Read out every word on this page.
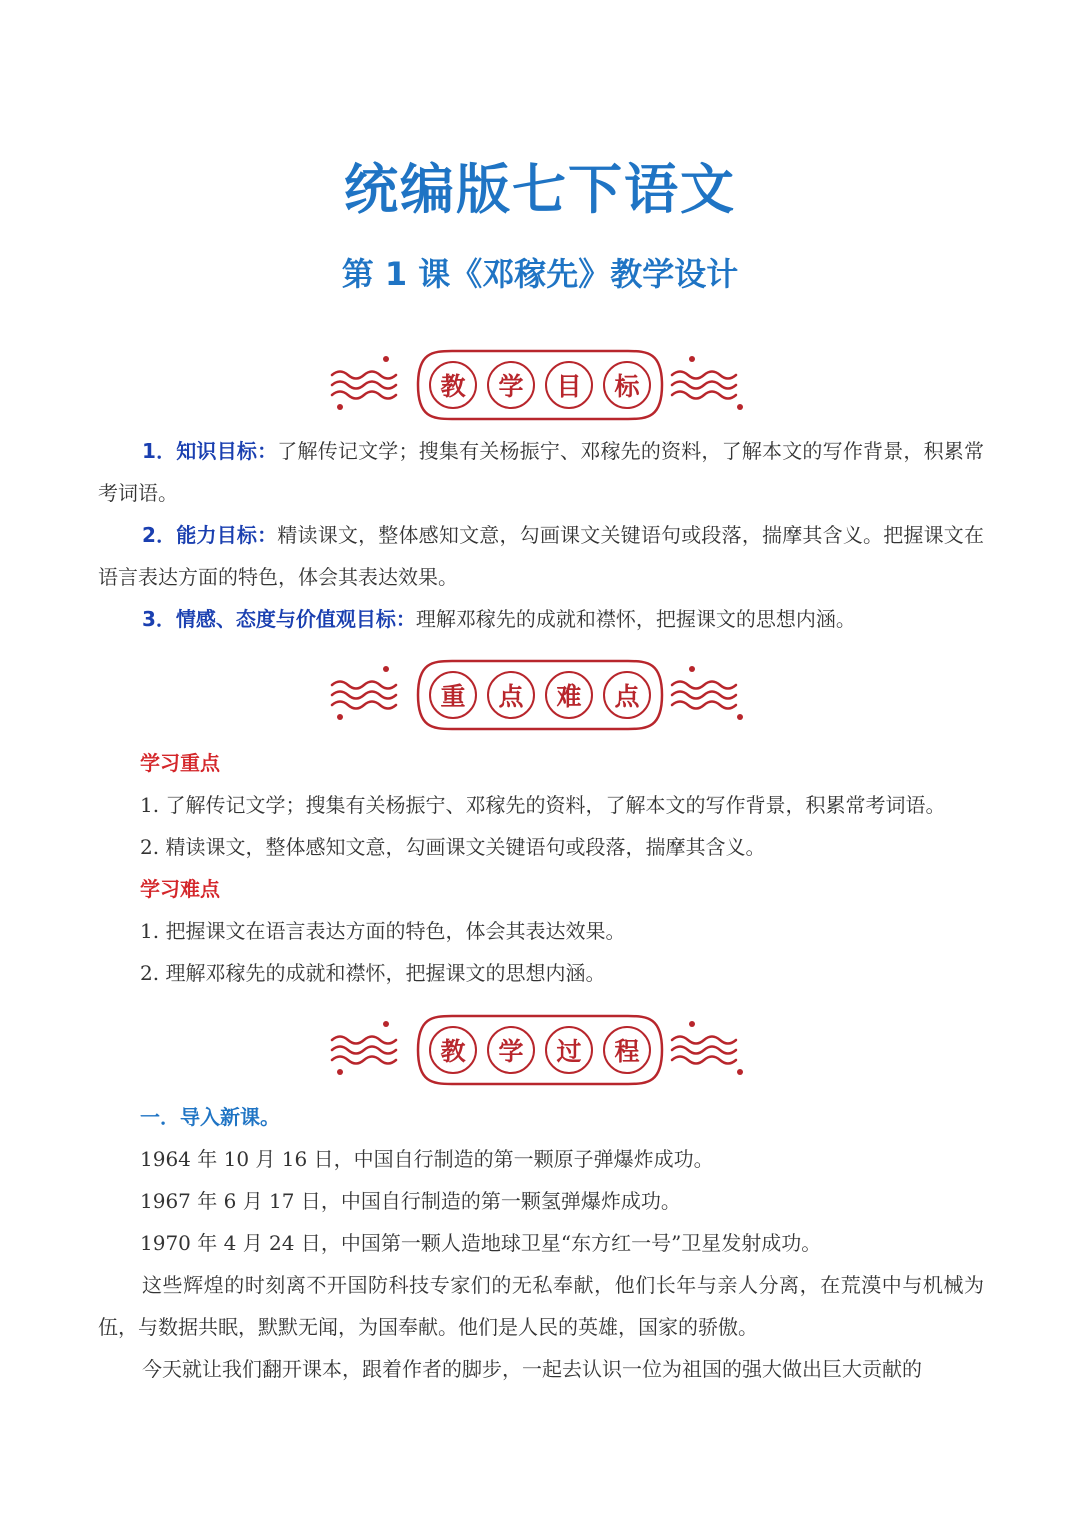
统编版七下语文
第 1 课《邓稼先》教学设计
教	学	目	标

1．知识目标：了解传记文学；搜集有关杨振宁、邓稼先的资料，了解本文的写作背景，积累常考词语。

2．能力目标：精读课文，整体感知文意，勾画课文关键语句或段落，揣摩其含义。把握课文在语言表达方面的特色，体会其表达效果。

3．情感、态度与价值观目标：理解邓稼先的成就和襟怀，把握课文的思想内涵。

重	点	难	点
学习重点

1. 了解传记文学；搜集有关杨振宁、邓稼先的资料，了解本文的写作背景，积累常考词语。

2. 精读课文，整体感知文意，勾画课文关键语句或段落，揣摩其含义。

学习难点

1. 把握课文在语言表达方面的特色，体会其表达效果。

2. 理解邓稼先的成就和襟怀，把握课文的思想内涵。

教	学	过	程
一．导入新课。

1964 年 10 月 16 日，中国自行制造的第一颗原子弹爆炸成功。

1967 年 6 月 17 日，中国自行制造的第一颗氢弹爆炸成功。

1970 年 4 月 24 日，中国第一颗人造地球卫星“东方红一号”卫星发射成功。

这些辉煌的时刻离不开国防科技专家们的无私奉献，他们长年与亲人分离，在荒漠中与机械为伍，与数据共眠，默默无闻，为国奉献。他们是人民的英雄，国家的骄傲。

今天就让我们翻开课本，跟着作者的脚步，一起去认识一位为祖国的强大做出巨大贡献的
